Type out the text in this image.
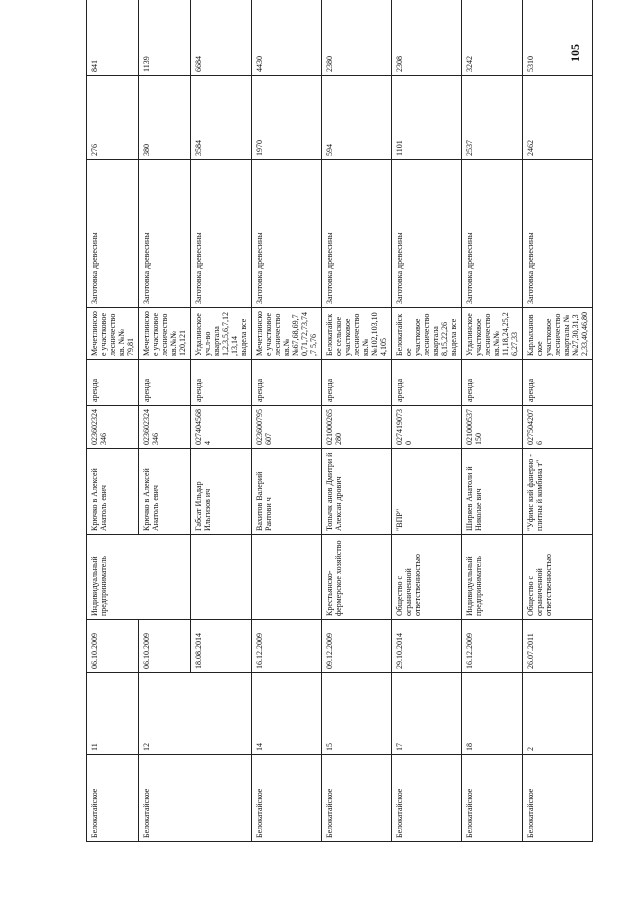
105
Белокатайское	11	06.10.2009	Индивидуальный предприниматель	Крючко в Алексей Анатоль евич	023602324 346	аренда	Мечетлинское участковое лесничество кв. №№ 79,81	Заготовка древесины	276	841
Белокатайское	12	06.10.2009		Крючко в Алексей Анатоль евич	023602324 346	аренда	Мечетлинское участковое лесничество кв.№№ 120,121	Заготовка древесины	380	1139
		18.08.2014		Габсат Ильдар Ильгизов ич	027404568 4	аренда	Угдалинское уч.л-во квартала 1,2,3,5,6,7,12,13,14 выдела все	Заготовка древесины	3584	6684
Белокатайское	14	16.12.2009		Вахитов Валерий Рантови ч	023600795 607	аренда	Мечетлинское участковое лесничество кв.№№67,68,69,70,71,72,73,74,7 5,76	Заготовка древесины	1970	4430
Белокатайское	15	09.12.2009	Крестьянско-фермерское хозяйство	Топычк анов Дмитри й Алексан дрович	021000265 280	аренда	Белокатайское сельское участковое лесничество кв.№№102,103,104,105	Заготовка древесины	594	2380
Белокатайское	17	29.10.2014	Общество с ограниченной ответственностью	"ВПР"	027419073 0	аренда	Белокатайское участковое лесничество квартала 8,15,22,26 выдела все	Заготовка древесины	1101	2308
Белокатайское	18	16.12.2009	Индивидуальный предприниматель	Ширяев Анатоли й Николае вич	021000537 150	аренда	Угдалинское участковое лесничество кв.№№ 11,18,24,25,26,27,33	Заготовка древесины	2537	3242
Белокатайское	2	26.07.2011	Общество с ограниченной ответственностью	"Уфимс кий фанерно - плитны й комбина т"	027504207 6	аренда	Карлыхановское участковое лесничество кварталы №№27,30,31,32,33,40,46,80	Заготовка древесины	2462	5310
